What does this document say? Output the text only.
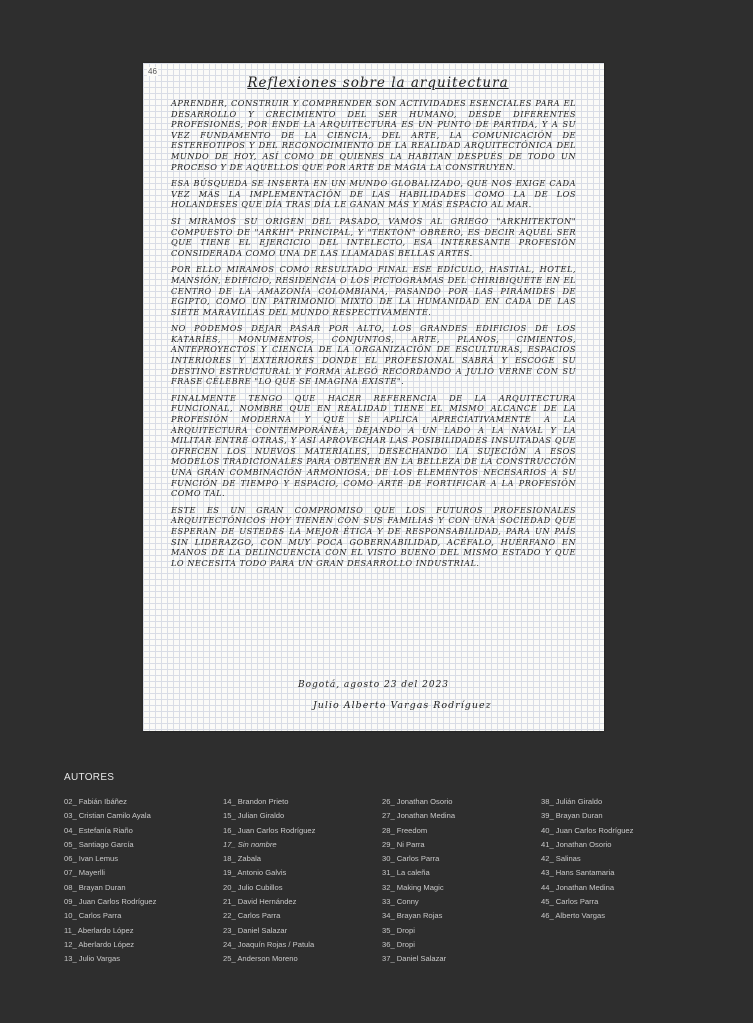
46
Reflexiones sobre la arquitectura

APRENDER, CONSTRUIR Y COMPRENDER SON ACTIVIDADES ESENCIALES PARA EL DESARROLLO Y CRECIMIENTO DEL SER HUMANO, DESDE DIFERENTES PROFESIONES, POR ENDE LA ARQUITECTURA ES UN PUNTO DE PARTIDA, Y A SU VEZ FUNDAMENTO DE LA CIENCIA, DEL ARTE, LA COMUNICACIÓN DE ESTEREOTIPOS Y DEL RECONOCIMIENTO DE LA REALIDAD ARQUITECTÓNICA DEL MUNDO DE HOY, ASÍ COMO DE QUIENES LA HABITAN DESPUÉS DE TODO UN PROCESO Y DE AQUELLOS QUE POR ARTE DE MAGIA LA CONSTRUYEN.

ESA BÚSQUEDA SE INSERTA EN UN MUNDO GLOBALIZADO, QUE NOS EXIGE CADA VEZ MÁS LA IMPLEMENTACIÓN DE LAS HABILIDADES COMO LA DE LOS HOLANDESES QUE DÍA TRAS DÍA LE GANAN MÁS Y MÁS ESPACIO AL MAR.

SI MIRAMOS SU ORIGEN DEL PASADO, VAMOS AL GRIEGO "ARKHITEKTON" COMPUESTO DE "ARKHI" PRINCIPAL, Y "TEKTON" OBRERO, ES DECIR AQUEL SER QUE TIENE EL EJERCICIO DEL INTELECTO, ESA INTERESANTE PROFESIÓN CONSIDERADA COMO UNA DE LAS LLAMADAS BELLAS ARTES.

POR ELLO MIRAMOS COMO RESULTADO FINAL ESE EDÍCULO, HASTIAL, HOTEL, MANSIÓN, EDIFICIO, RESIDENCIA O LOS PICTOGRAMAS DEL CHIRIBIQUETE EN EL CENTRO DE LA AMAZONÍA COLOMBIANA, PASANDO POR LAS PIRÁMIDES DE EGIPTO, COMO UN PATRIMONIO MIXTO DE LA HUMANIDAD EN CADA DE LAS SIETE MARAVILLAS DEL MUNDO RESPECTIVAMENTE.

NO PODEMOS DEJAR PASAR POR ALTO, LOS GRANDES EDIFICIOS DE LOS KATARÍES, MONUMENTOS, CONJUNTOS, ARTE, PLANOS, CIMIENTOS, ANTEPROYECTOS Y CIENCIA DE LA ORGANIZACIÓN DE ESCULTURAS, ESPACIOS INTERIORES Y EXTERIORES DONDE EL PROFESIONAL SABRÁ Y ESCOGE SU DESTINO ESTRUCTURAL Y FORMA ALEGÓ RECORDANDO A JULIO VERNE CON SU FRASE CÉLEBRE "LO QUE SE IMAGINA EXISTE".

FINALMENTE TENGO QUE HACER REFERENCIA DE LA ARQUITECTURA FUNCIONAL, NOMBRE QUE EN REALIDAD TIENE EL MISMO ALCANCE DE LA PROFESIÓN MODERNA Y QUE SE APLICA APRECIATIVAMENTE A LA ARQUITECTURA CONTEMPORÁNEA, DEJANDO A UN LADO A LA NAVAL Y LA MILITAR ENTRE OTRAS, Y ASÍ APROVECHAR LAS POSIBILIDADES INSUITADAS QUE OFRECEN LOS NUEVOS MATERIALES, DESECHANDO LA SUJECIÓN A ESOS MODELOS TRADICIONALES PARA OBTENER EN LA BELLEZA DE LA CONSTRUCCIÓN UNA GRAN COMBINACIÓN ARMONIOSA, DE LOS ELEMENTOS NECESARIOS A SU FUNCIÓN DE TIEMPO Y ESPACIO, COMO ARTE DE FORTIFICAR A LA PROFESIÓN COMO TAL.

ESTE ES UN GRAN COMPROMISO QUE LOS FUTUROS PROFESIONALES ARQUITECTÓNICOS HOY TIENEN CON SUS FAMILIAS Y CON UNA SOCIEDAD QUE ESPERAN DE USTEDES LA MEJOR ÉTICA Y DE RESPONSABILIDAD, PARA UN PAÍS SIN LIDERAZGO, CON MUY POCA GOBERNABILIDAD, ACÉFALO, HUÉRFANO EN MANOS DE LA DELINCUENCIA CON EL VISTO BUENO DEL MISMO ESTADO Y QUE LO NECESITA TODO PARA UN GRAN DESARROLLO INDUSTRIAL.

Bogotá, agosto 23 del 2023
Julio Alberto Vargas Rodríguez
AUTORES
02_ Fabián Ibáñez
03_ Cristian Camilo Ayala
04_ Estefanía Riaño
05_ Santiago García
06_ Ivan Lemus
07_ Mayerlli
08_ Brayan Duran
09_ Juan Carlos Rodríguez
10_ Carlos Parra
11_ Aberlardo López
12_ Aberlardo López
13_ Julio Vargas
14_ Brandon Prieto
15_ Julian Giraldo
16_ Juan Carlos Rodríguez
17_ Sin nombre
18_ Zabala
19_ Antonio Galvis
20_ Julio Cubillos
21_ David Hernández
22_ Carlos Parra
23_ Daniel Salazar
24_ Joaquín Rojas / Patula
25_ Anderson Moreno
26_ Jonathan Osorio
27_ Jonathan Medina
28_ Freedom
29_ Ni Parra
30_ Carlos Parra
31_ La caleña
32_ Making Magic
33_ Conny
34_ Brayan Rojas
35_ Dropi
36_ Dropi
37_ Daniel Salazar
38_ Julián Giraldo
39_ Brayan Duran
40_ Juan Carlos Rodríguez
41_ Jonathan Osorio
42_ Salinas
43_ Hans Santamaria
44_ Jonathan Medina
45_ Carlos Parra
46_ Alberto Vargas
